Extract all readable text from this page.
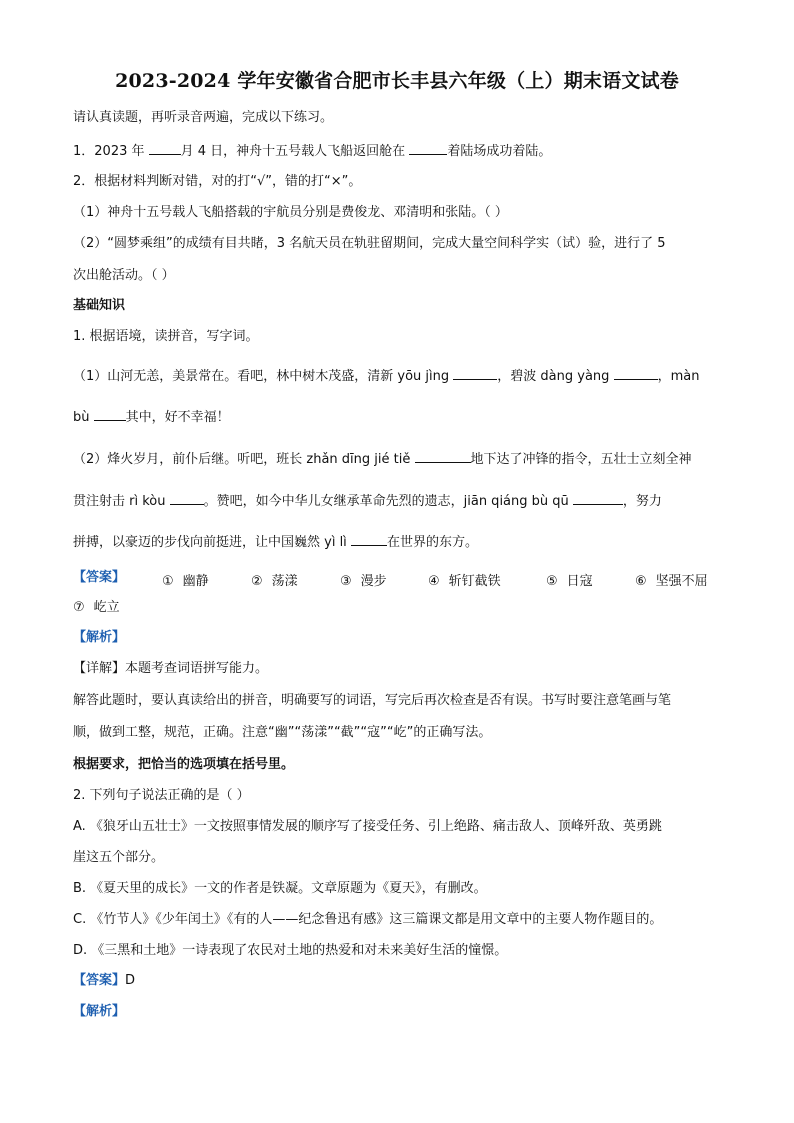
2023-2024 学年安徽省合肥市长丰县六年级（上）期末语文试卷
请认真读题，再听录音两遍，完成以下练习。
1．2023 年	月 4 日，神舟十五号载人飞船返回舱在	着陆场成功着陆。
2．根据材料判断对错，对的打“√”，错的打“×”。
（1）神舟十五号载人飞船搭载的宇航员分别是费俊龙、邓清明和张陆。（ ）
（2）“圆梦乘组”的成绩有目共睹，3 名航天员在轨驻留期间，完成大量空间科学实（试）验，进行了 5
次出舱活动。（ ）
基础知识
1. 根据语境，读拼音，写字词。
（1）山河无恙，美景常在。看吧，林中树木茂盛，清新 yōu jìng	，碧波 dàng yàng	，màn
bù	其中，好不幸福！
（2）烽火岁月，前仆后继。听吧，班长 zhǎn dīng jié tiě	地下达了冲锋的指令，五壮士立刻全神
贯注射击 rì kòu	。赞吧，如今中华儿女继承革命先烈的遗志，jiān qiáng bù qū	，努力
拼搏，以豪迈的步伐向前挺进，让中国巍然 yì lì	在世界的东方。
【答案】	① 幽静	② 荡漾	③ 漫步	④ 斩钉截铁	⑤ 日寇	⑥ 坚强不屈
⑦ 屹立
【解析】
【详解】本题考查词语拼写能力。
解答此题时，要认真读给出的拼音，明确要写的词语，写完后再次检查是否有误。书写时要注意笔画与笔
顺，做到工整，规范，正确。注意“幽”“荡漾”“截”“寇”“屹”的正确写法。
根据要求，把恰当的选项填在括号里。
2. 下列句子说法正确的是（ ）
A. 《狼牙山五壮士》一文按照事情发展的顺序写了接受任务、引上绝路、痛击敌人、顶峰歼敌、英勇跳
崖这五个部分。
B. 《夏天里的成长》一文的作者是铁凝。文章原题为《夏天》，有删改。
C. 《竹节人》《少年闰土》《有的人——纪念鲁迅有感》这三篇课文都是用文章中的主要人物作题目的。
D. 《三黑和土地》一诗表现了农民对土地的热爱和对未来美好生活的憧憬。
【答案】D
【解析】
